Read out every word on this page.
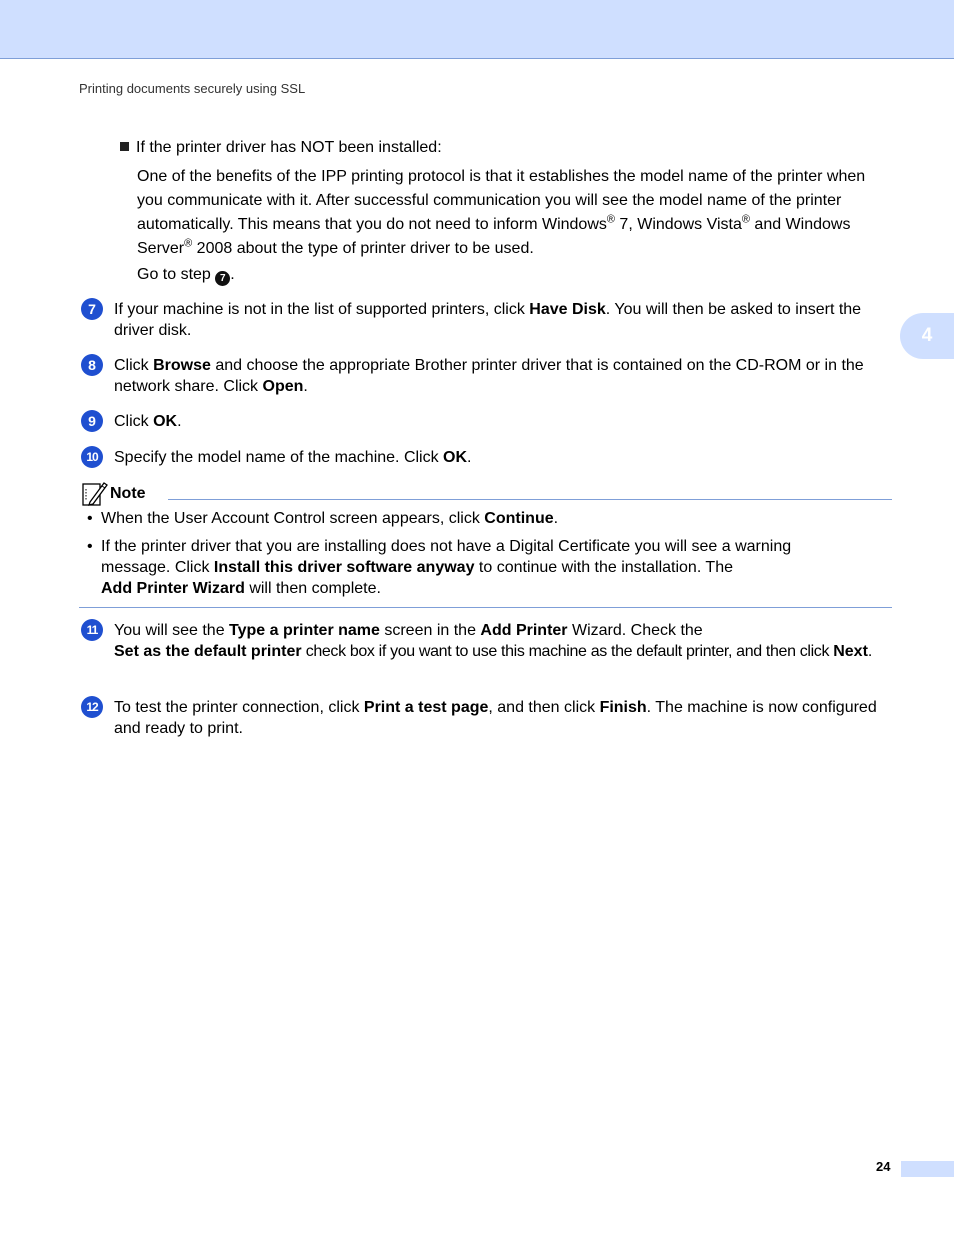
Printing documents securely using SSL
4
If the printer driver has NOT been installed:
One of the benefits of the IPP printing protocol is that it establishes the model name of the printer when you communicate with it. After successful communication you will see the model name of the printer automatically. This means that you do not need to inform Windows® 7, Windows Vista® and Windows Server® 2008 about the type of printer driver to be used.
Go to step 7 .
7	If your machine is not in the list of supported printers, click Have Disk. You will then be asked to insert the driver disk.
8	Click Browse and choose the appropriate Brother printer driver that is contained on the CD-ROM or in the network share. Click Open.
9	Click OK.
10	Specify the model name of the machine. Click OK.
Note
• When the User Account Control screen appears, click Continue.
• If the printer driver that you are installing does not have a Digital Certificate you will see a warning message. Click Install this driver software anyway to continue with the installation. The
Add Printer Wizard will then complete.
11	You will see the Type a printer name screen in the Add Printer Wizard. Check the
Set as the default printer check box if you want to use this machine as the default printer, and then click Next.
12	To test the printer connection, click Print a test page, and then click Finish. The machine is now configured and ready to print.
24
